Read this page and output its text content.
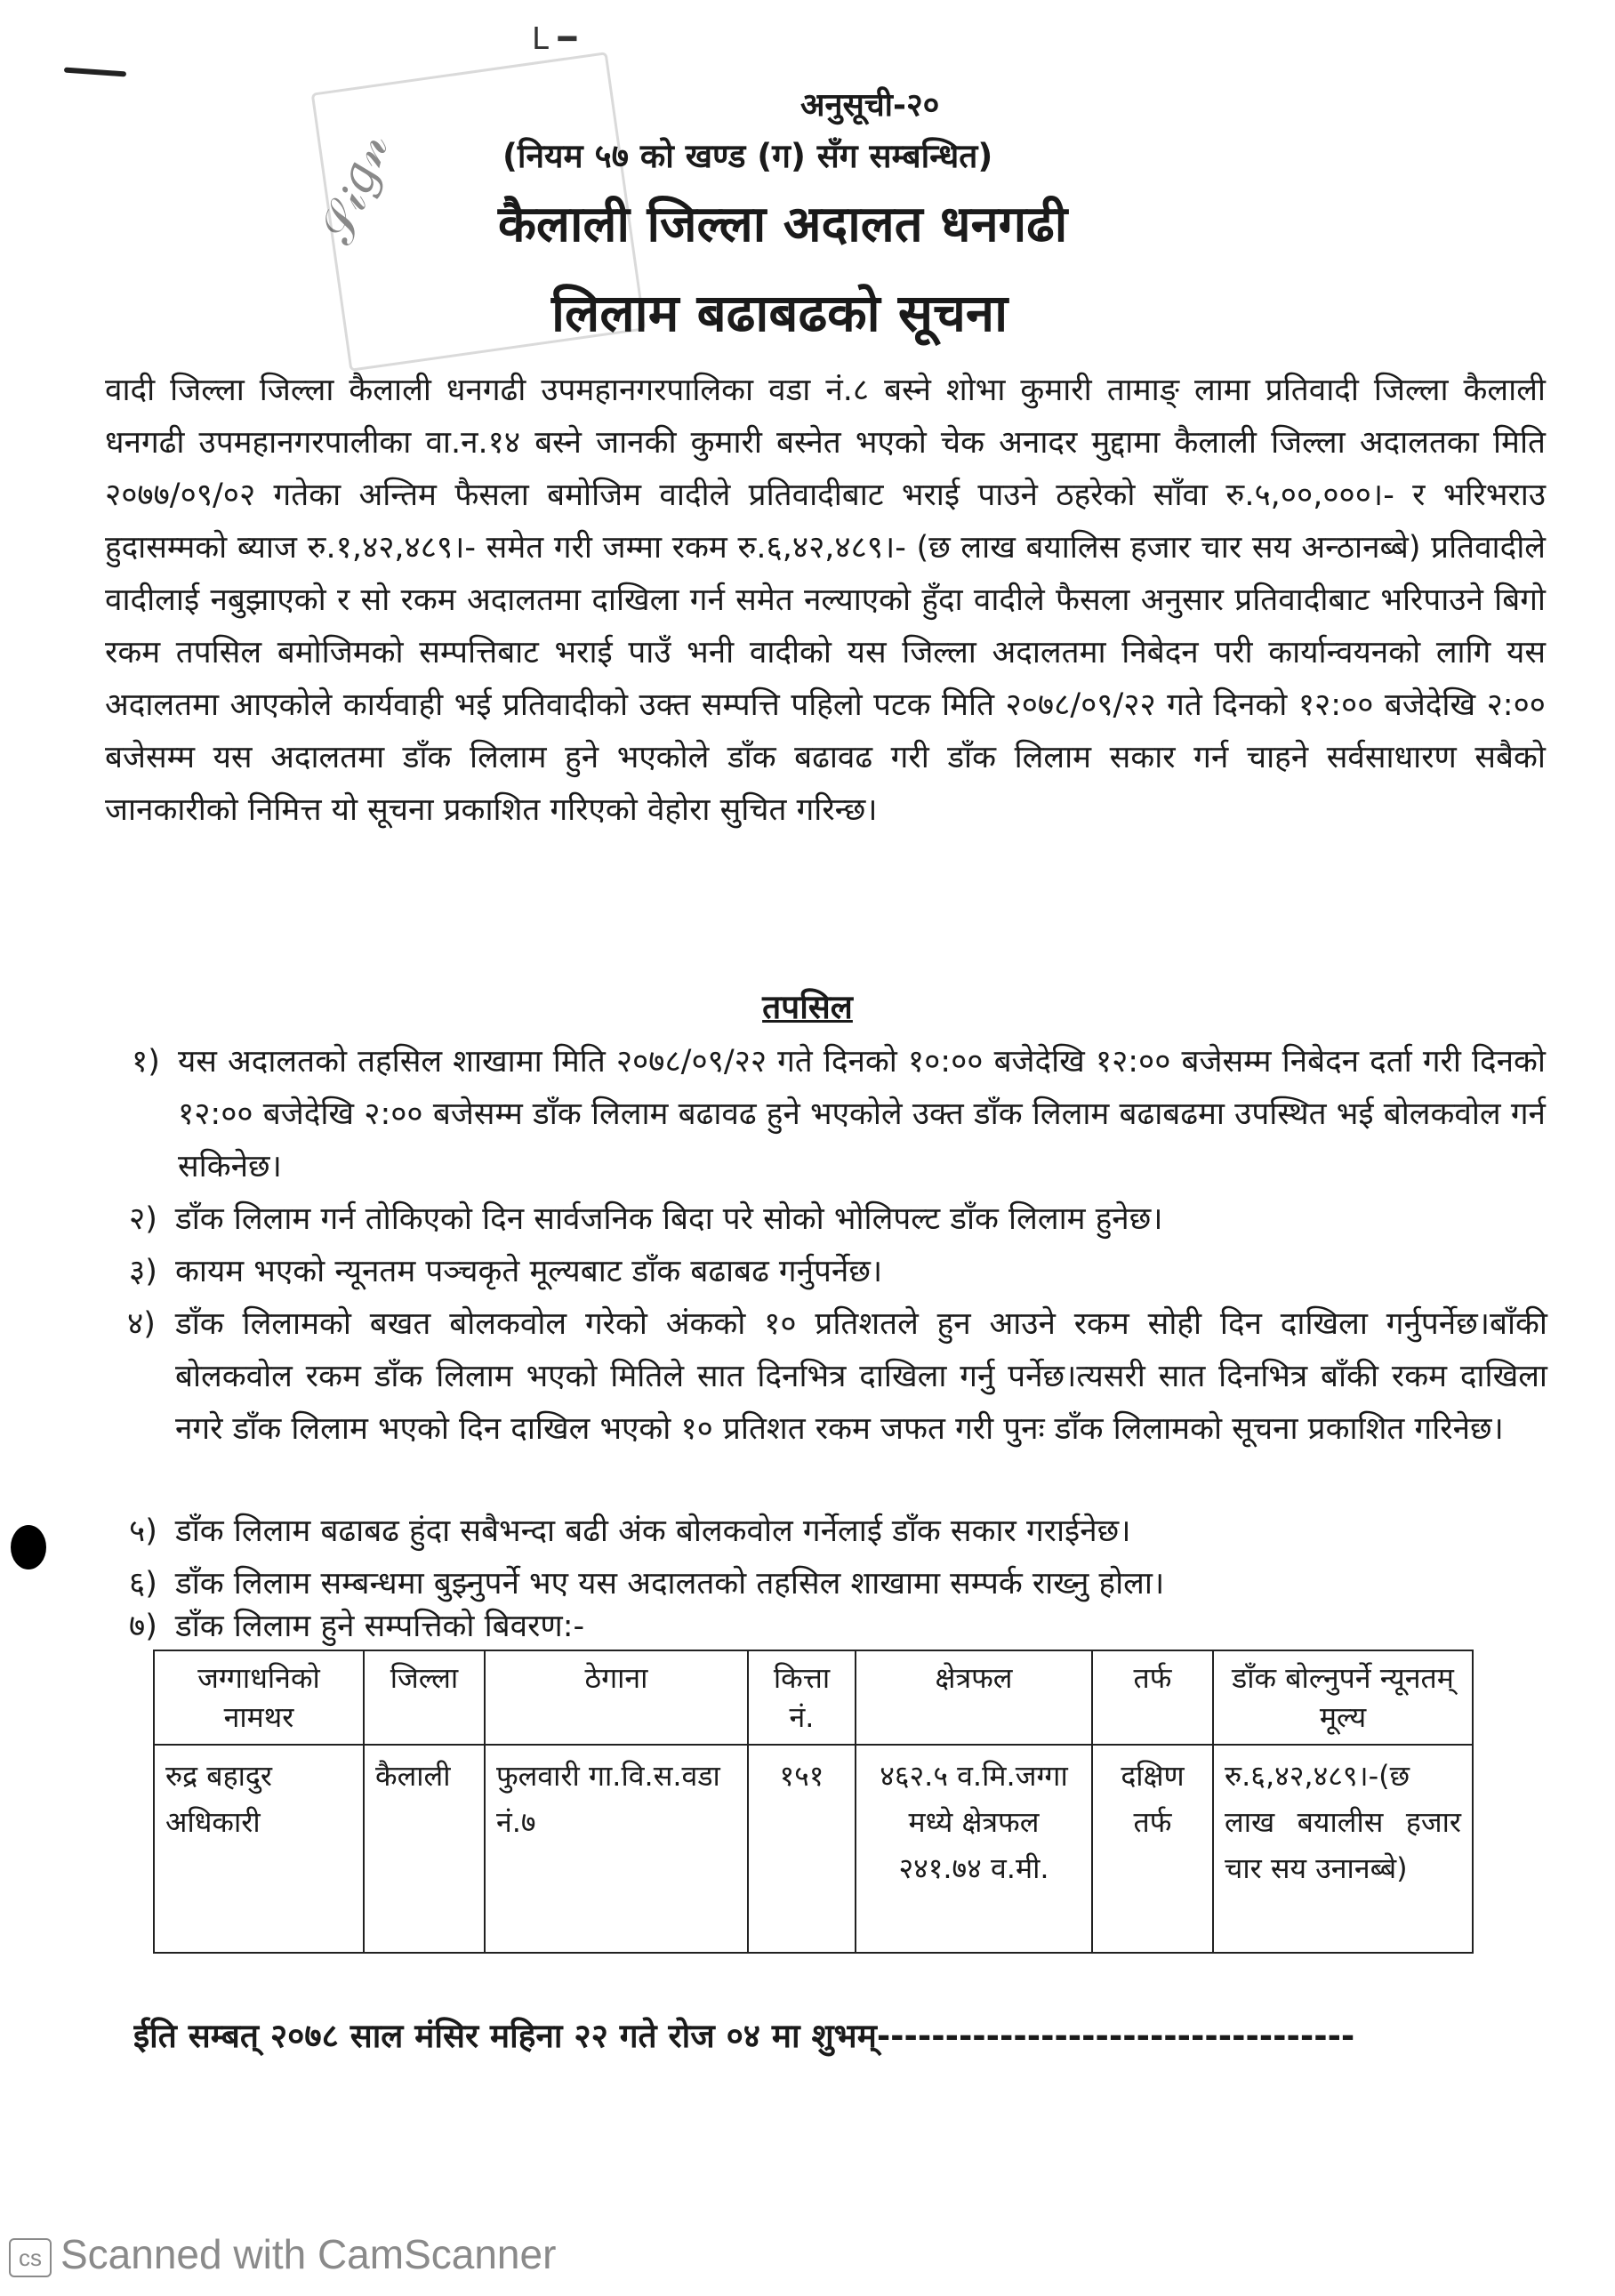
ᒪ ━
𝒮𝒾𝑔𝓃
अनुसूची-२०
(नियम ५७ को खण्ड (ग) सँग सम्बन्धित)
कैलाली जिल्ला अदालत धनगढी
लिलाम बढाबढको सूचना

वादी जिल्ला जिल्ला कैलाली धनगढी उपमहानगरपालिका वडा नं.८ बस्ने शोभा कुमारी तामाङ् लामा प्रतिवादी जिल्ला कैलाली धनगढी उपमहानगरपालीका वा.न.१४ बस्ने जानकी कुमारी बस्नेत भएको चेक अनादर मुद्दामा कैलाली जिल्ला अदालतका मिति २०७७/०९/०२ गतेका अन्तिम फैसला बमोजिम वादीले प्रतिवादीबाट भराई पाउने ठहरेको साँवा रु.५,००,०००।- र भरिभराउ हुदासम्मको ब्याज रु.१,४२,४८९।- समेत गरी जम्मा रकम रु.६,४२,४८९।- (छ लाख बयालिस हजार चार सय अन्ठानब्बे) प्रतिवादीले वादीलाई नबुझाएको र सो रकम अदालतमा दाखिला गर्न समेत नल्याएको हुँदा वादीले फैसला अनुसार प्रतिवादीबाट भरिपाउने बिगो रकम तपसिल बमोजिमको सम्पत्तिबाट भराई पाउँ भनी वादीको यस जिल्ला अदालतमा निबेदन परी कार्यान्वयनको लागि यस अदालतमा आएकोले कार्यवाही भई प्रतिवादीको उक्त सम्पत्ति पहिलो पटक मिति २०७८/०९/२२ गते दिनको १२:०० बजेदेखि २:०० बजेसम्म यस अदालतमा डाँक लिलाम हुने भएकोले डाँक बढावढ गरी डाँक लिलाम सकार गर्न चाहने सर्वसाधारण सबैको जानकारीको निमित्त यो सूचना प्रकाशित गरिएको वेहोरा सुचित गरिन्छ।

तपसिल
१) यस अदालतको तहसिल शाखामा मिति २०७८/०९/२२ गते दिनको १०:०० बजेदेखि १२:०० बजेसम्म निबेदन दर्ता गरी दिनको १२:०० बजेदेखि २:०० बजेसम्म डाँक लिलाम बढावढ हुने भएकोले उक्त डाँक लिलाम बढाबढमा उपस्थित भई बोलकवोल गर्न सकिनेछ।
२) डाँक लिलाम गर्न तोकिएको दिन सार्वजनिक बिदा परे सोको भोलिपल्ट डाँक लिलाम हुनेछ।
३) कायम भएको न्यूनतम पञ्चकृते मूल्यबाट डाँक बढाबढ गर्नुपर्नेछ।
४) डाँक लिलामको बखत बोलकवोल गरेको अंकको १० प्रतिशतले हुन आउने रकम सोही दिन दाखिला गर्नुपर्नेछ।बाँकी बोलकवोल रकम डाँक लिलाम भएको मितिले सात दिनभित्र दाखिला गर्नु पर्नेछ।त्यसरी सात दिनभित्र बाँकी रकम दाखिला नगरे डाँक लिलाम भएको दिन दाखिल भएको १० प्रतिशत रकम जफत गरी पुनः डाँक लिलामको सूचना प्रकाशित गरिनेछ।
५) डाँक लिलाम बढाबढ हुंदा सबैभन्दा बढी अंक बोलकवोल गर्नेलाई डाँक सकार गराईनेछ।
६) डाँक लिलाम सम्बन्धमा बुझ्नुपर्ने भए यस अदालतको तहसिल शाखामा सम्पर्क राख्नु होला।
७) डाँक लिलाम हुने सम्पत्तिको बिवरण:-
जग्गाधनिको नामथर	जिल्ला	ठेगाना	कित्ता नं.	क्षेत्रफल	तर्फ	डाँक बोल्नुपर्ने न्यूनतम् मूल्य
रुद्र बहादुर अधिकारी	कैलाली	फुलवारी गा.वि.स.वडा नं.७	१५१	४६२.५ व.मि.जग्गा मध्ये क्षेत्रफल २४१.७४ व.मी.	दक्षिण तर्फ	रु.६,४२,४८९।-(छ लाख बयालीस हजार चार सय उनानब्बे)
ईति सम्बत् २०७८ साल मंसिर महिना २२ गते रोज ०४ मा शुभम्-----------------------------------
cs Scanned with CamScanner
